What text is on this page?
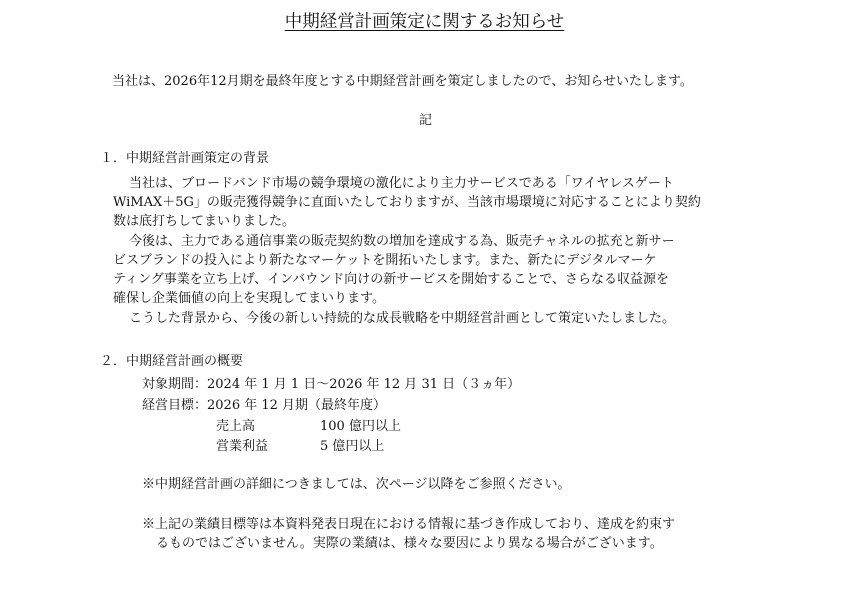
中期経営計画策定に関するお知らせ
当社は、2026年12月期を最終年度とする中期経営計画を策定しましたので、お知らせいたします。
記
１．中期経営計画策定の背景
当社は、ブロードバンド市場の競争環境の激化により主力サービスである「ワイヤレスゲート
WiMAX＋5G」の販売獲得競争に直面いたしておりますが、当該市場環境に対応することにより契約
数は底打ちしてまいりました。
今後は、主力である通信事業の販売契約数の増加を達成する為、販売チャネルの拡充と新サー
ビスブランドの投入により新たなマーケットを開拓いたします。また、新たにデジタルマーケ
ティング事業を立ち上げ、インバウンド向けの新サービスを開始することで、さらなる収益源を
確保し企業価値の向上を実現してまいります。
こうした背景から、今後の新しい持続的な成長戦略を中期経営計画として策定いたしました。
２．中期経営計画の概要
対象期間：2024 年 1 月 1 日～2026 年 12 月 31 日（３ヵ年）
経営目標：2026 年 12 月期（最終年度）
売上高	100 億円以上
営業利益	5 億円以上
※中期経営計画の詳細につきましては、次ページ以降をご参照ください。
※上記の業績目標等は本資料発表日現在における情報に基づき作成しており、達成を約束す
るものではございません。実際の業績は、様々な要因により異なる場合がございます。
